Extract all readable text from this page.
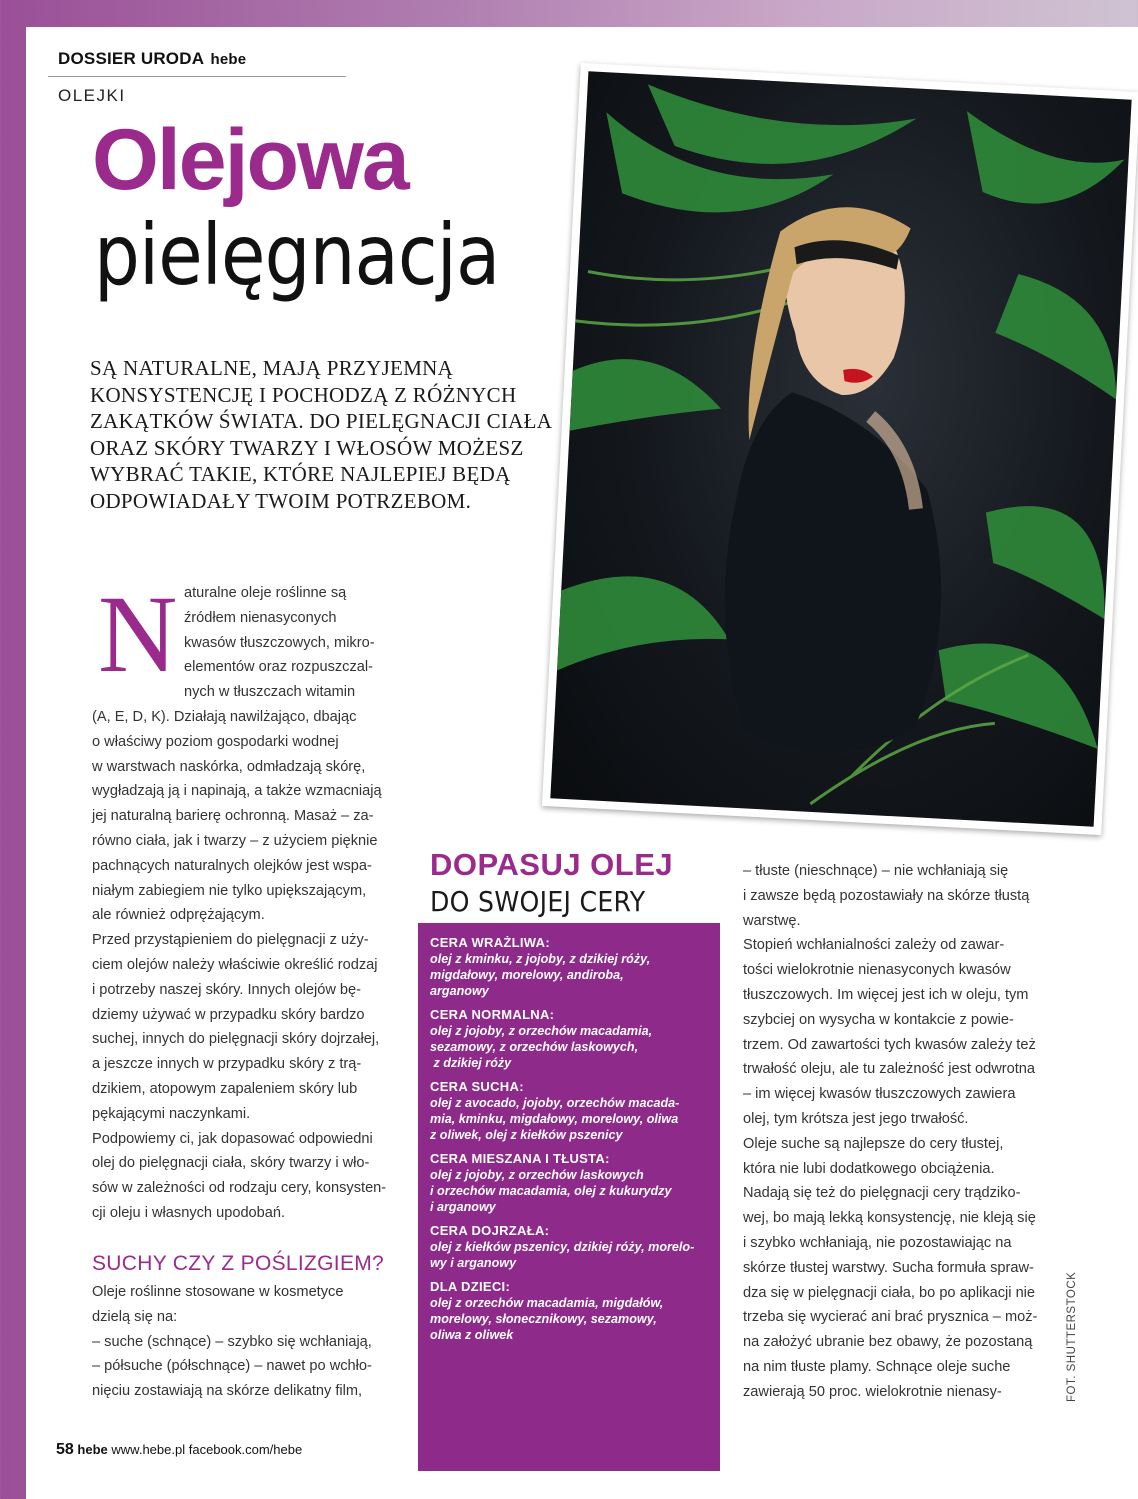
DOSSIER URODA hebe
OLEJKI
Olejowa
pielęgnacja
SĄ NATURALNE, MAJĄ PRZYJEMNĄ KONSYSTENCJĘ I POCHODZĄ Z RÓŻNYCH ZAKĄTKÓW ŚWIATA. DO PIELĘGNACJI CIAŁA ORAZ SKÓRY TWARZY I WŁOSÓW MOŻESZ WYBRAĆ TAKIE, KTÓRE NAJLEPIEJ BĘDĄ ODPOWIADAŁY TWOIM POTRZEBOM.
N aturalne oleje roślinne są
źródłem nienasyconych
kwasów tłuszczowych, mikro-
elementów oraz rozpuszczal-
nych w tłuszczach witamin
(A, E, D, K). Działają nawilżająco, dbając
o właściwy poziom gospodarki wodnej
w warstwach naskórka, odmładzają skórę,
wygładzają ją i napinają, a także wzmacniają
jej naturalną barierę ochronną. Masaż – za-
równo ciała, jak i twarzy – z użyciem pięknie
pachnących naturalnych olejków jest wspa-
niałym zabiegiem nie tylko upiększającym,
ale również odprężającym.
Przed przystąpieniem do pielęgnacji z uży-
ciem olejów należy właściwie określić rodzaj
i potrzeby naszej skóry. Innych olejów bę-
dziemy używać w przypadku skóry bardzo
suchej, innych do pielęgnacji skóry dojrzałej,
a jeszcze innych w przypadku skóry z trą-
dzikiem, atopowym zapaleniem skóry lub
pękającymi naczynkami.
Podpowiemy ci, jak dopasować odpowiedni
olej do pielęgnacji ciała, skóry twarzy i wło-
sów w zależności od rodzaju cery, konsysten-
cji oleju i własnych upodobań.
SUCHY CZY Z POŚLIZGIEM?
Oleje roślinne stosowane w kosmetyce
dzielą się na:
– suche (schnące) – szybko się wchłaniają,
– półsuche (półschnące) – nawet po wchło-
nięciu zostawiają na skórze delikatny film,
DOPASUJ OLEJ
DO SWOJEJ CERY
CERA WRAŻLIWA:
olej z kminku, z jojoby, z dzikiej róży,
migdałowy, morelowy, andiroba,
arganowy
CERA NORMALNA:
olej z jojoby, z orzechów macadamia,
sezamowy, z orzechów laskowych,
z dzikiej róży
CERA SUCHA:
olej z avocado, jojoby, orzechów macada-
mia, kminku, migdałowy, morelowy, oliwa
z oliwek, olej z kiełków pszenicy
CERA MIESZANA I TŁUSTA:
olej z jojoby, z orzechów laskowych
i orzechów macadamia, olej z kukurydzy
i arganowy
CERA DOJRZAŁA:
olej z kiełków pszenicy, dzikiej róży, morelo-
wy i arganowy
DLA DZIECI:
olej z orzechów macadamia, migdałów,
morelowy, słonecznikowy, sezamowy,
oliwa z oliwek
– tłuste (nieschnące) – nie wchłaniają się
i zawsze będą pozostawiały na skórze tłustą
warstwę.
Stopień wchłanialności zależy od zawar-
tości wielokrotnie nienasyconych kwasów
tłuszczowych. Im więcej jest ich w oleju, tym
szybciej on wysycha w kontakcie z powie-
trzem. Od zawartości tych kwasów zależy też
trwałość oleju, ale tu zależność jest odwrotna
– im więcej kwasów tłuszczowych zawiera
olej, tym krótsza jest jego trwałość.
Oleje suche są najlepsze do cery tłustej,
która nie lubi dodatkowego obciążenia.
Nadają się też do pielęgnacji cery trądziko-
wej, bo mają lekką konsystencję, nie kleją się
i szybko wchłaniają, nie pozostawiając na
skórze tłustej warstwy. Sucha formuła spraw-
dza się w pielęgnacji ciała, bo po aplikacji nie
trzeba się wycierać ani brać prysznica – moż-
na założyć ubranie bez obawy, że pozostaną
na nim tłuste plamy. Schnące oleje suche
zawierają 50 proc. wielokrotnie nienasy-	FOT. SHUTTERSTOCK
58 hebe www.hebe.pl facebook.com/hebe
